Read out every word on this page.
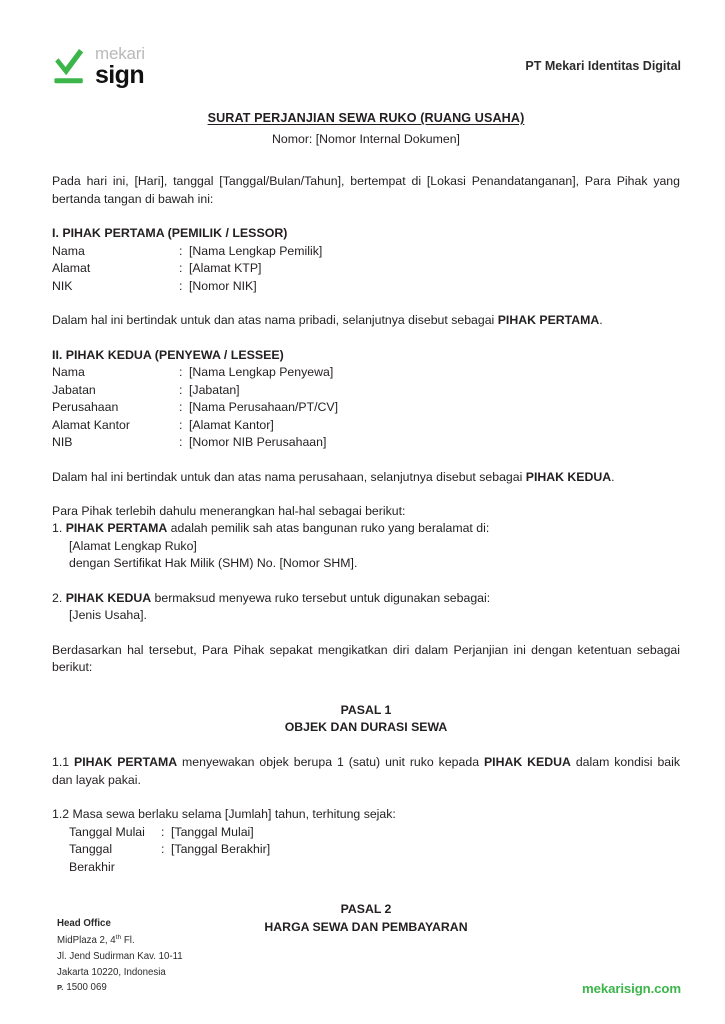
mekari
sign	PT Mekari Identitas Digital
SURAT PERJANJIAN SEWA RUKO (RUANG USAHA)
Nomor: [Nomor Internal Dokumen]

Pada hari ini, [Hari], tanggal [Tanggal/Bulan/Tahun], bertempat di [Lokasi Penandatanganan], Para Pihak yang bertanda tangan di bawah ini:

I. PIHAK PERTAMA (PEMILIK / LESSOR)
Nama	: [Nama Lengkap Pemilik]
Alamat	: [Alamat KTP]
NIK	: [Nomor NIK]

Dalam hal ini bertindak untuk dan atas nama pribadi, selanjutnya disebut sebagai PIHAK PERTAMA.

II. PIHAK KEDUA (PENYEWA / LESSEE)
Nama	: [Nama Lengkap Penyewa]
Jabatan	: [Jabatan]
Perusahaan	: [Nama Perusahaan/PT/CV]
Alamat Kantor	: [Alamat Kantor]
NIB	: [Nomor NIB Perusahaan]

Dalam hal ini bertindak untuk dan atas nama perusahaan, selanjutnya disebut sebagai PIHAK KEDUA.

Para Pihak terlebih dahulu menerangkan hal-hal sebagai berikut:

1. PIHAK PERTAMA adalah pemilik sah atas bangunan ruko yang beralamat di:

[Alamat Lengkap Ruko]

dengan Sertifikat Hak Milik (SHM) No. [Nomor SHM].

2. PIHAK KEDUA bermaksud menyewa ruko tersebut untuk digunakan sebagai:

[Jenis Usaha].

Berdasarkan hal tersebut, Para Pihak sepakat mengikatkan diri dalam Perjanjian ini dengan ketentuan sebagai berikut:

PASAL 1
OBJEK DAN DURASI SEWA

1.1 PIHAK PERTAMA menyewakan objek berupa 1 (satu) unit ruko kepada PIHAK KEDUA dalam kondisi baik dan layak pakai.

1.2 Masa sewa berlaku selama [Jumlah] tahun, terhitung sejak:

Tanggal Mulai	: [Tanggal Mulai]
Tanggal Berakhir
: [Tanggal Berakhir]
PASAL 2
HARGA SEWA DAN PEMBAYARAN
Head Office
MidPlaza 2, 4th Fl.
Jl. Jend Sudirman Kav. 10-11
Jakarta 10220, Indonesia
P. 1500 069	mekarisign.com
